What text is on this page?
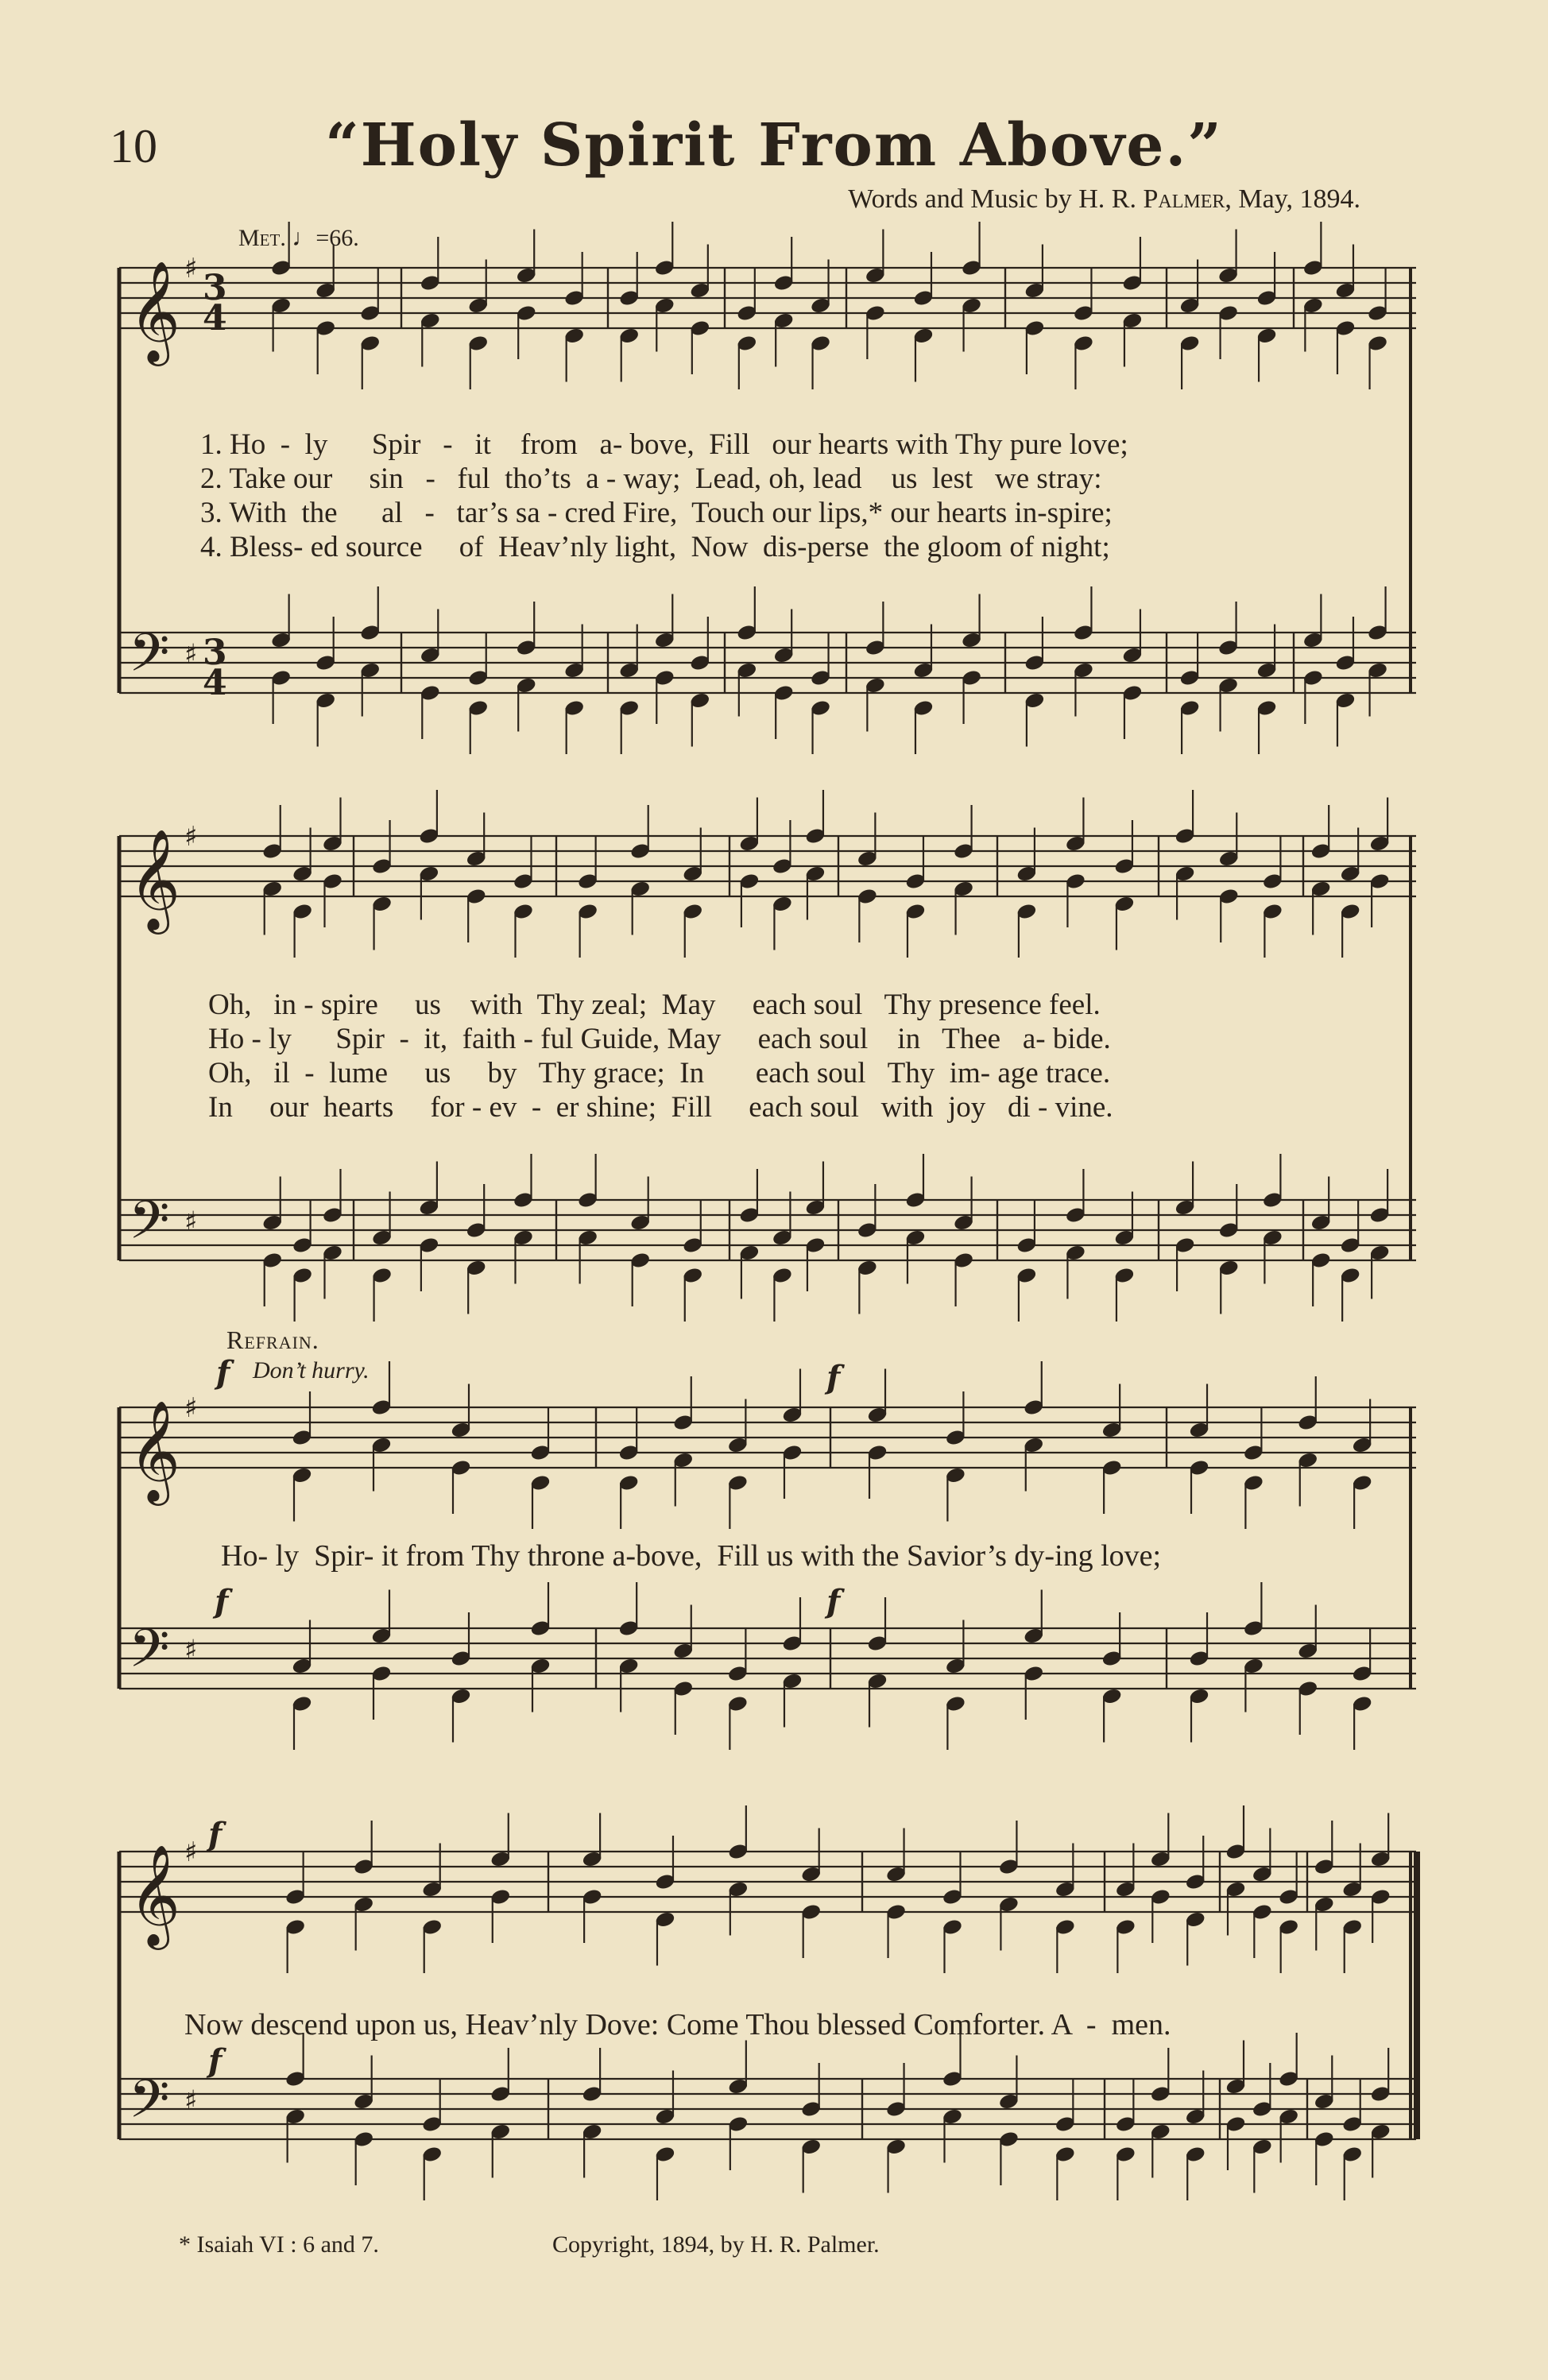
10	“Holy Spirit From Above.”
Words and Music by H. R. Palmer, May, 1894.
Met. ♩=66.
𝄞 ♯ 3
4
𝄢 ♯ 3
4
𝄞 ♯
𝄢 ♯
𝄞 ♯
𝄢 ♯
𝄞 ♯
𝄢 ♯
1. Ho  -  ly      Spir   -   it    from   a- bove,  Fill   our hearts with Thy pure love;
2. Take our     sin   -   ful  tho’ts  a - way;  Lead, oh, lead    us  lest   we stray:
3. With  the      al   -   tar’s sa - cred Fire,  Touch our lips,* our hearts in-spire;
4. Bless- ed source     of  Heav’nly light,  Now  dis-perse  the gloom of night;
Oh,   in - spire     us    with  Thy zeal;  May     each soul   Thy presence feel.
Ho - ly      Spir  -  it,  faith - ful Guide, May     each soul    in   Thee   a- bide.
Oh,   il  -  lume     us     by   Thy grace;  In       each soul   Thy  im- age trace.
In     our  hearts     for - ev  -  er shine;  Fill     each soul   with  joy   di - vine.
Refrain.
f Don’t hurry.	f
f	f
f
f
Ho- ly  Spir- it from Thy throne a-bove,  Fill us with the Savior’s dy-ing love;
Now descend upon us, Heav’nly Dove: Come Thou blessed Comforter. A  -  men.
* Isaiah VI : 6 and 7.	Copyright, 1894, by H. R. Palmer.
